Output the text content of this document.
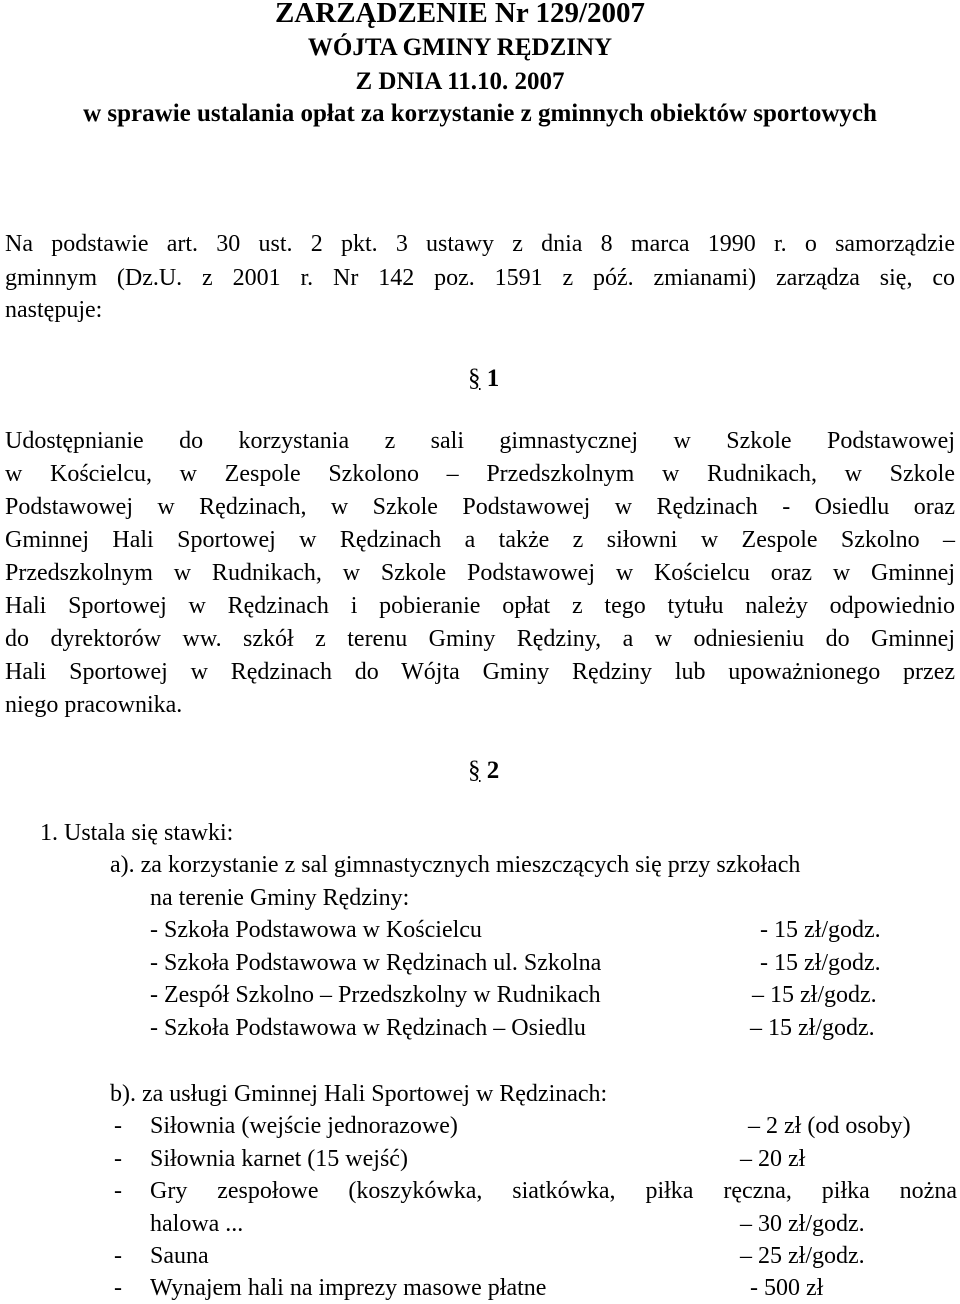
ZARZĄDZENIE Nr 129/2007
WÓJTA GMINY RĘDZINY
Z DNIA 11.10. 2007
w sprawie ustalania opłat za korzystanie z gminnych obiektów sportowych
Na podstawie art. 30 ust. 2 pkt. 3 ustawy z dnia 8 marca 1990 r. o samorządzie
gminnym (Dz.U. z 2001 r. Nr 142 poz. 1591 z póź. zmianami) zarządza się, co
następuje:
§ 1
Udostępnianie do korzystania z sali gimnastycznej w Szkole Podstawowej
w Kościelcu, w Zespole Szkolono – Przedszkolnym w Rudnikach, w Szkole
Podstawowej w Rędzinach, w Szkole Podstawowej w Rędzinach - Osiedlu oraz
Gminnej Hali Sportowej w Rędzinach a także z siłowni w Zespole Szkolno –
Przedszkolnym w Rudnikach, w Szkole Podstawowej w Kościelcu oraz w Gminnej
Hali Sportowej w Rędzinach i pobieranie opłat z tego tytułu należy odpowiednio
do dyrektorów ww. szkół z terenu Gminy Rędziny, a w odniesieniu do Gminnej
Hali Sportowej w Rędzinach do Wójta Gminy Rędziny lub upoważnionego przez
niego pracownika.
§ 2
1. Ustala się stawki:
a). za korzystanie z sal gimnastycznych mieszczących się przy szkołach
na terenie Gminy Rędziny:
- Szkoła Podstawowa w Kościelcu	- 15 zł/godz.
- Szkoła Podstawowa w Rędzinach ul. Szkolna	- 15 zł/godz.
- Zespół Szkolno – Przedszkolny w Rudnikach	– 15 zł/godz.
- Szkoła Podstawowa w Rędzinach – Osiedlu	– 15 zł/godz.
b). za usługi Gminnej Hali Sportowej w Rędzinach:
- Siłownia (wejście jednorazowe)	– 2 zł (od osoby)
- Siłownia karnet (15 wejść)	– 20 zł
- Gry zespołowe (koszykówka, siatkówka, piłka ręczna, piłka nożna
halowa ...	– 30 zł/godz.
- Sauna	– 25 zł/godz.
- Wynajem hali na imprezy masowe płatne	- 500 zł
